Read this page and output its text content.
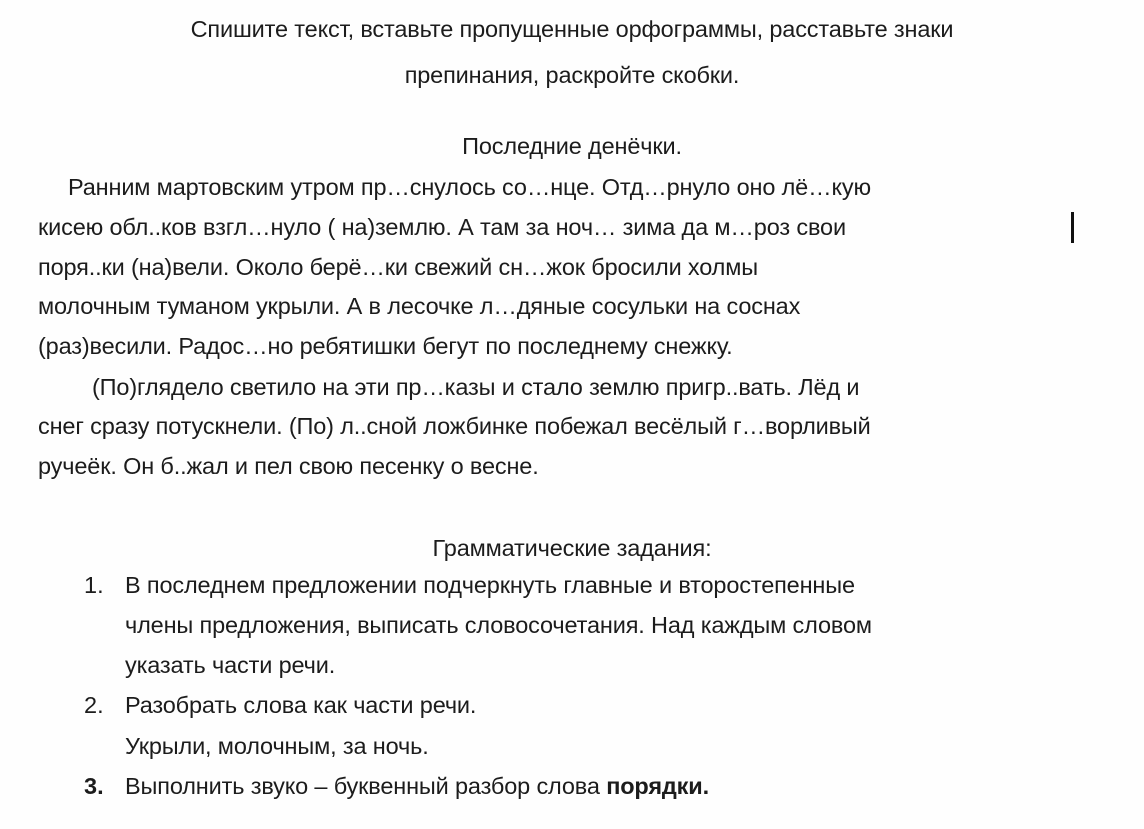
Спишите текст, вставьте пропущенные орфограммы, расставьте знаки
препинания, раскройте скобки.
Последние денёчки.
Ранним мартовским утром пр…снулось со…нце. Отд…рнуло оно лё…кую
кисею обл..ков взгл…нуло ( на)землю. А там за ноч… зима да м…роз свои
поря..ки (на)вели. Около берё…ки свежий сн…жок бросили холмы
молочным туманом укрыли. А в лесочке л…дяные сосульки на соснах
(раз)весили. Радос…но ребятишки бегут по последнему снежку.
(По)глядело светило на эти пр…казы и стало землю пригр..вать. Лёд и
снег сразу потускнели. (По) л..сной ложбинке побежал весёлый г…ворливый
ручеёк. Он б..жал и пел свою песенку о весне.
Грамматические задания:
1. В последнем предложении подчеркнуть главные и второстепенные
члены предложения, выписать словосочетания. Над каждым словом
указать части речи.
2. Разобрать слова как части речи.
Укрыли, молочным, за ночь.
3. Выполнить звуко – буквенный разбор слова порядки.
